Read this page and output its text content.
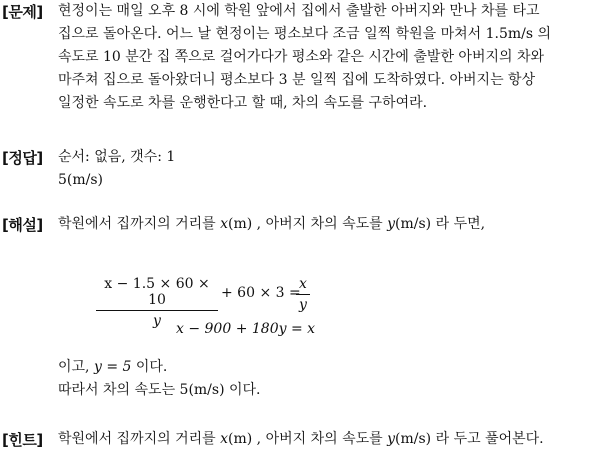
[문제] 현정이는 매일 오후 8 시에 학원 앞에서 집에서 출발한 아버지와 만나 차를 타고
집으로 돌아온다. 어느 날 현정이는 평소보다 조금 일찍 학원을 마쳐서 1.5m/s 의
속도로 10 분간 집 쪽으로 걸어가다가 평소와 같은 시간에 출발한 아버지의 차와
마주쳐 집으로 돌아왔더니 평소보다 3 분 일찍 집에 도착하였다. 아버지는 항상
일정한 속도로 차를 운행한다고 할 때, 차의 속도를 구하여라.
[정답] 순서: 없음, 갯수: 1
5(m/s)
[해설] 학원에서 집까지의 거리를 x(m) , 아버지 차의 속도를 y(m/s) 라 두면,
x − 1.5 × 60 × 10
y
+ 60 × 3 =
x
y
x − 900 + 180y = x
이고, y = 5 이다.
따라서 차의 속도는 5(m/s) 이다.
[힌트] 학원에서 집까지의 거리를 x(m) , 아버지 차의 속도를 y(m/s) 라 두고 풀어본다.
